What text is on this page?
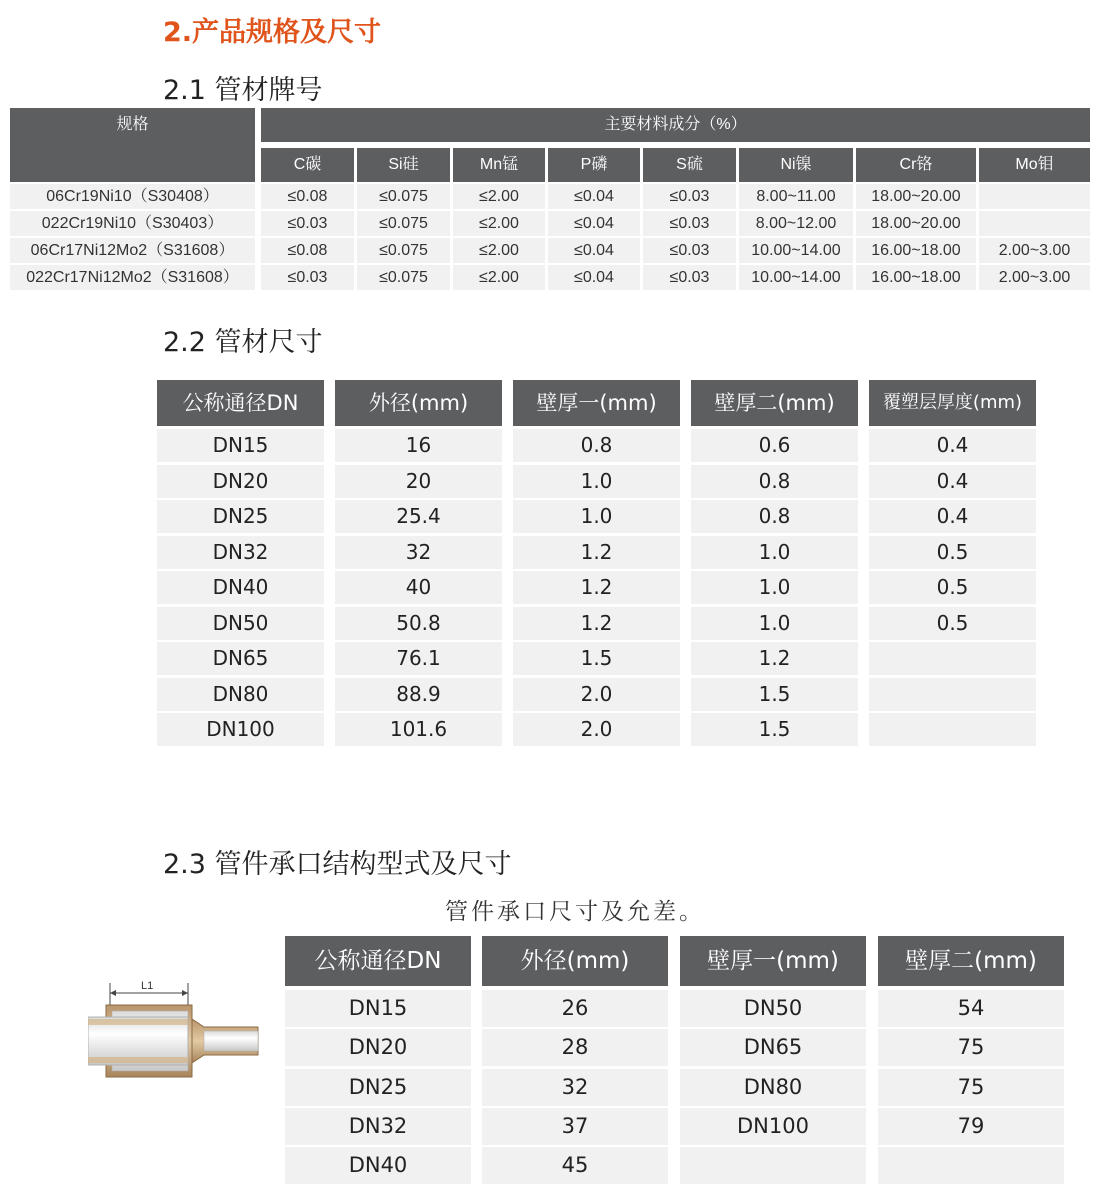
2.产品规格及尺寸
2.1 管材牌号
规格	主要材料成分（%）
C碳	Si硅	Mn锰	P磷	S硫	Ni镍	Cr铬	Mo钼
06Cr19Ni10（S30408）	≤0.08	≤0.075	≤2.00	≤0.04	≤0.03	8.00~11.00	18.00~20.00
022Cr19Ni10（S30403）	≤0.03	≤0.075	≤2.00	≤0.04	≤0.03	8.00~12.00	18.00~20.00
06Cr17Ni12Mo2（S31608）	≤0.08	≤0.075	≤2.00	≤0.04	≤0.03	10.00~14.00	16.00~18.00	2.00~3.00
022Cr17Ni12Mo2（S31608）	≤0.03	≤0.075	≤2.00	≤0.04	≤0.03	10.00~14.00	16.00~18.00	2.00~3.00
2.2 管材尺寸
公称通径DN	外径(mm)	壁厚一(mm)	壁厚二(mm)	覆塑层厚度(mm)
DN15	16	0.8	0.6	0.4
DN20	20	1.0	0.8	0.4
DN25	25.4	1.0	0.8	0.4
DN32	32	1.2	1.0	0.5
DN40	40	1.2	1.0	0.5
DN50	50.8	1.2	1.0	0.5
DN65	76.1	1.5	1.2
DN80	88.9	2.0	1.5
DN100	101.6	2.0	1.5
2.3 管件承口结构型式及尺寸
管件承口尺寸及允差。
L1
公称通径DN	外径(mm)	壁厚一(mm)	壁厚二(mm)
DN15	26	DN50	54
DN20	28	DN65	75
DN25	32	DN80	75
DN32	37	DN100	79
DN40	45
